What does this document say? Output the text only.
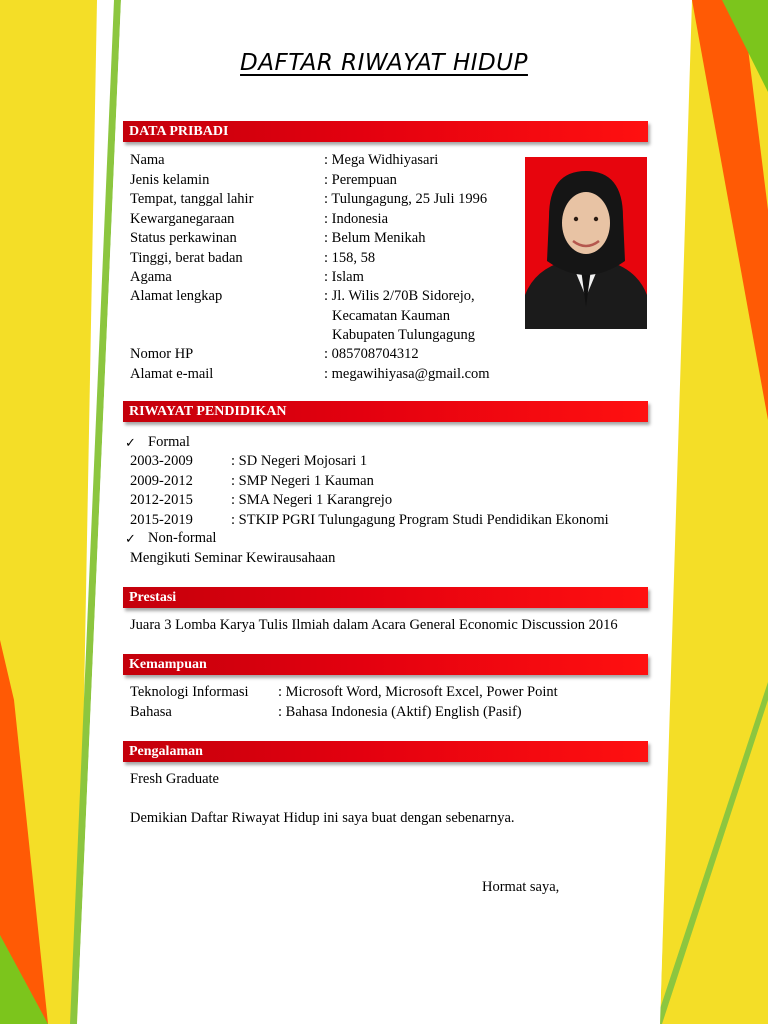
DAFTAR RIWAYAT HIDUP
DATA PRIBADI
Nama	: Mega Widhiyasari
Jenis kelamin	: Perempuan
Tempat, tanggal lahir	: Tulungagung, 25 Juli 1996
Kewarganegaraan	: Indonesia
Status perkawinan	: Belum Menikah
Tinggi, berat badan	: 158, 58
Agama	: Islam
Alamat lengkap	: Jl. Wilis 2/70B Sidorejo,
Kecamatan Kauman
Kabupaten Tulungagung
Nomor HP	: 085708704312
Alamat e-mail	: megawihiyasa@gmail.com
RIWAYAT PENDIDIKAN
✓ Formal
2003-2009	: SD Negeri Mojosari 1
2009-2012	: SMP Negeri 1 Kauman
2012-2015	: SMA Negeri 1 Karangrejo
2015-2019	: STKIP PGRI Tulungagung Program Studi Pendidikan Ekonomi
✓ Non-formal
Mengikuti Seminar Kewirausahaan
Prestasi
Juara 3 Lomba Karya Tulis Ilmiah dalam Acara General Economic Discussion 2016
Kemampuan
Teknologi Informasi : Microsoft Word, Microsoft Excel, Power Point
Bahasa	: Bahasa Indonesia (Aktif) English (Pasif)
Pengalaman
Fresh Graduate
Demikian Daftar Riwayat Hidup ini saya buat dengan sebenarnya.
Hormat saya,
